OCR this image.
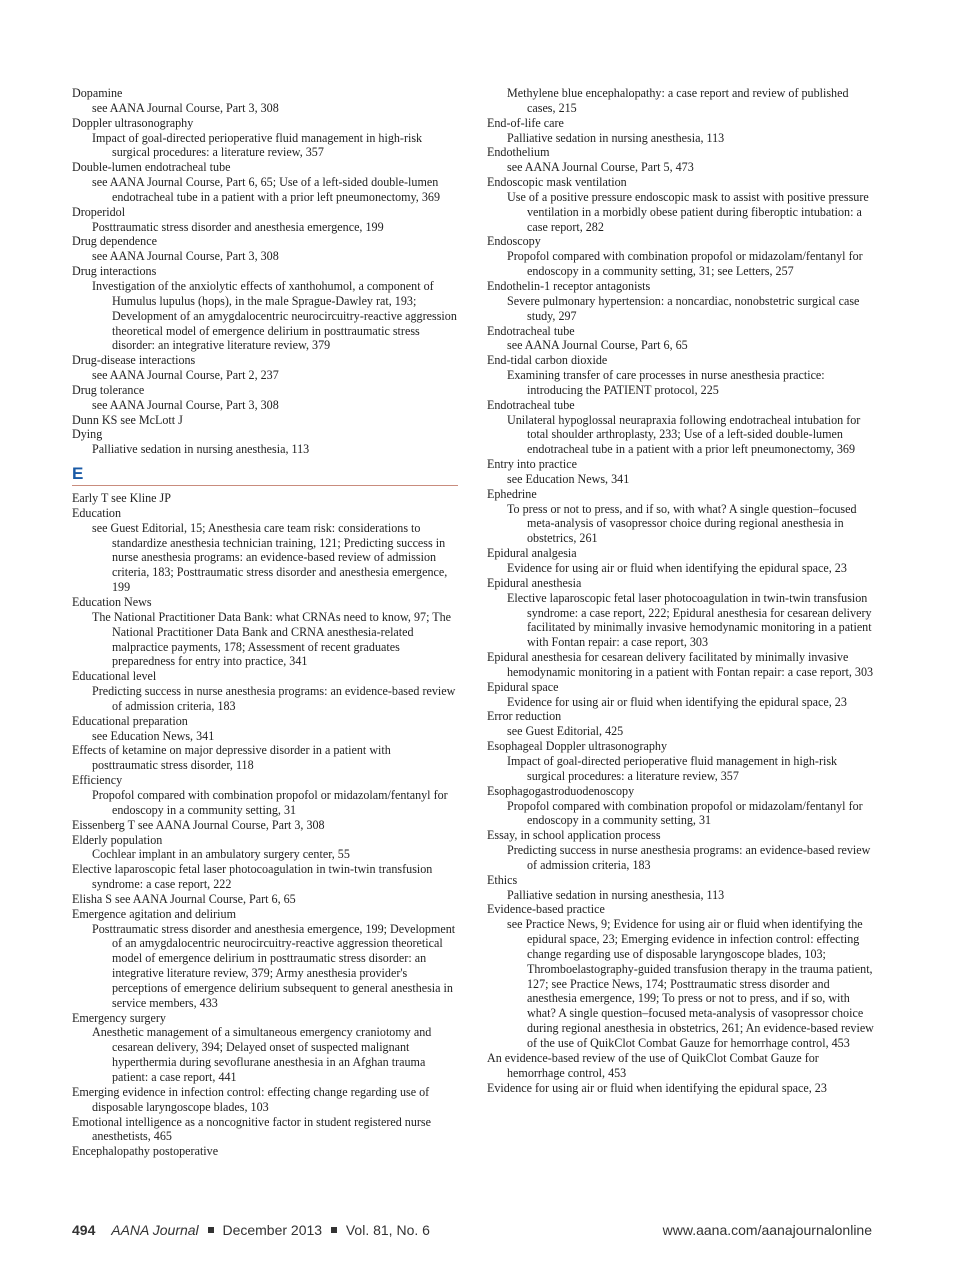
Dopamine
see AANA Journal Course, Part 3, 308
Doppler ultrasonography
Impact of goal-directed perioperative fluid management in high-risk surgical procedures: a literature review, 357
Double-lumen endotracheal tube
see AANA Journal Course, Part 6, 65; Use of a left-sided double-lumen endotracheal tube in a patient with a prior left pneumonectomy, 369
Droperidol
Posttraumatic stress disorder and anesthesia emergence, 199
Drug dependence
see AANA Journal Course, Part 3, 308
Drug interactions
Investigation of the anxiolytic effects of xanthohumol, a component of Humulus lupulus (hops), in the male Sprague-Dawley rat, 193; Development of an amygdalocentric neurocircuitry-reactive aggression theoretical model of emergence delirium in posttraumatic stress disorder: an integrative literature review, 379
Drug-disease interactions
see AANA Journal Course, Part 2, 237
Drug tolerance
see AANA Journal Course, Part 3, 308
Dunn KS see McLott J
Dying
Palliative sedation in nursing anesthesia, 113
E
Early T see Kline JP
Education
see Guest Editorial, 15; Anesthesia care team risk: considerations to standardize anesthesia technician training, 121; Predicting success in nurse anesthesia programs: an evidence-based review of admission criteria, 183; Posttraumatic stress disorder and anesthesia emergence, 199
Education News
The National Practitioner Data Bank: what CRNAs need to know, 97; The National Practitioner Data Bank and CRNA anesthesia-related malpractice payments, 178; Assessment of recent graduates preparedness for entry into practice, 341
Educational level
Predicting success in nurse anesthesia programs: an evidence-based review of admission criteria, 183
Educational preparation
see Education News, 341
Effects of ketamine on major depressive disorder in a patient with posttraumatic stress disorder, 118
Efficiency
Propofol compared with combination propofol or midazolam/fentanyl for endoscopy in a community setting, 31
Eissenberg T see AANA Journal Course, Part 3, 308
Elderly population
Cochlear implant in an ambulatory surgery center, 55
Elective laparoscopic fetal laser photocoagulation in twin-twin transfusion syndrome: a case report, 222
Elisha S see AANA Journal Course, Part 6, 65
Emergence agitation and delirium
Posttraumatic stress disorder and anesthesia emergence, 199; Development of an amygdalocentric neurocircuitry-reactive aggression theoretical model of emergence delirium in posttraumatic stress disorder: an integrative literature review, 379; Army anesthesia provider's perceptions of emergence delirium subsequent to general anesthesia in service members, 433
Emergency surgery
Anesthetic management of a simultaneous emergency craniotomy and cesarean delivery, 394; Delayed onset of suspected malignant hyperthermia during sevoflurane anesthesia in an Afghan trauma patient: a case report, 441
Emerging evidence in infection control: effecting change regarding use of disposable laryngoscope blades, 103
Emotional intelligence as a noncognitive factor in student registered nurse anesthetists, 465
Encephalopathy postoperative
Methylene blue encephalopathy: a case report and review of published cases, 215
End-of-life care
Palliative sedation in nursing anesthesia, 113
Endothelium
see AANA Journal Course, Part 5, 473
Endoscopic mask ventilation
Use of a positive pressure endoscopic mask to assist with positive pressure ventilation in a morbidly obese patient during fiberoptic intubation: a case report, 282
Endoscopy
Propofol compared with combination propofol or midazolam/fentanyl for endoscopy in a community setting, 31; see Letters, 257
Endothelin-1 receptor antagonists
Severe pulmonary hypertension: a noncardiac, nonobstetric surgical case study, 297
Endotracheal tube
see AANA Journal Course, Part 6, 65
End-tidal carbon dioxide
Examining transfer of care processes in nurse anesthesia practice: introducing the PATIENT protocol, 225
Endotracheal tube
Unilateral hypoglossal neurapraxia following endotracheal intubation for total shoulder arthroplasty, 233; Use of a left-sided double-lumen endotracheal tube in a patient with a prior left pneumonectomy, 369
Entry into practice
see Education News, 341
Ephedrine
To press or not to press, and if so, with what? A single question–focused meta-analysis of vasopressor choice during regional anesthesia in obstetrics, 261
Epidural analgesia
Evidence for using air or fluid when identifying the epidural space, 23
Epidural anesthesia
Elective laparoscopic fetal laser photocoagulation in twin-twin transfusion syndrome: a case report, 222; Epidural anesthesia for cesarean delivery facilitated by minimally invasive hemodynamic monitoring in a patient with Fontan repair: a case report, 303
Epidural anesthesia for cesarean delivery facilitated by minimally invasive hemodynamic monitoring in a patient with Fontan repair: a case report, 303
Epidural space
Evidence for using air or fluid when identifying the epidural space, 23
Error reduction
see Guest Editorial, 425
Esophageal Doppler ultrasonography
Impact of goal-directed perioperative fluid management in high-risk surgical procedures: a literature review, 357
Esophagogastroduodenoscopy
Propofol compared with combination propofol or midazolam/fentanyl for endoscopy in a community setting, 31
Essay, in school application process
Predicting success in nurse anesthesia programs: an evidence-based review of admission criteria, 183
Ethics
Palliative sedation in nursing anesthesia, 113
Evidence-based practice
see Practice News, 9; Evidence for using air or fluid when identifying the epidural space, 23; Emerging evidence in infection control: effecting change regarding use of disposable laryngoscope blades, 103; Thromboelastography-guided transfusion therapy in the trauma patient, 127; see Practice News, 174; Posttraumatic stress disorder and anesthesia emergence, 199; To press or not to press, and if so, with what? A single question–focused meta-analysis of vasopressor choice during regional anesthesia in obstetrics, 261; An evidence-based review of the use of QuikClot Combat Gauze for hemorrhage control, 453
An evidence-based review of the use of QuikClot Combat Gauze for hemorrhage control, 453
Evidence for using air or fluid when identifying the epidural space, 23
494 AANA Journal December 2013 Vol. 81, No. 6	www.aana.com/aanajournalonline
